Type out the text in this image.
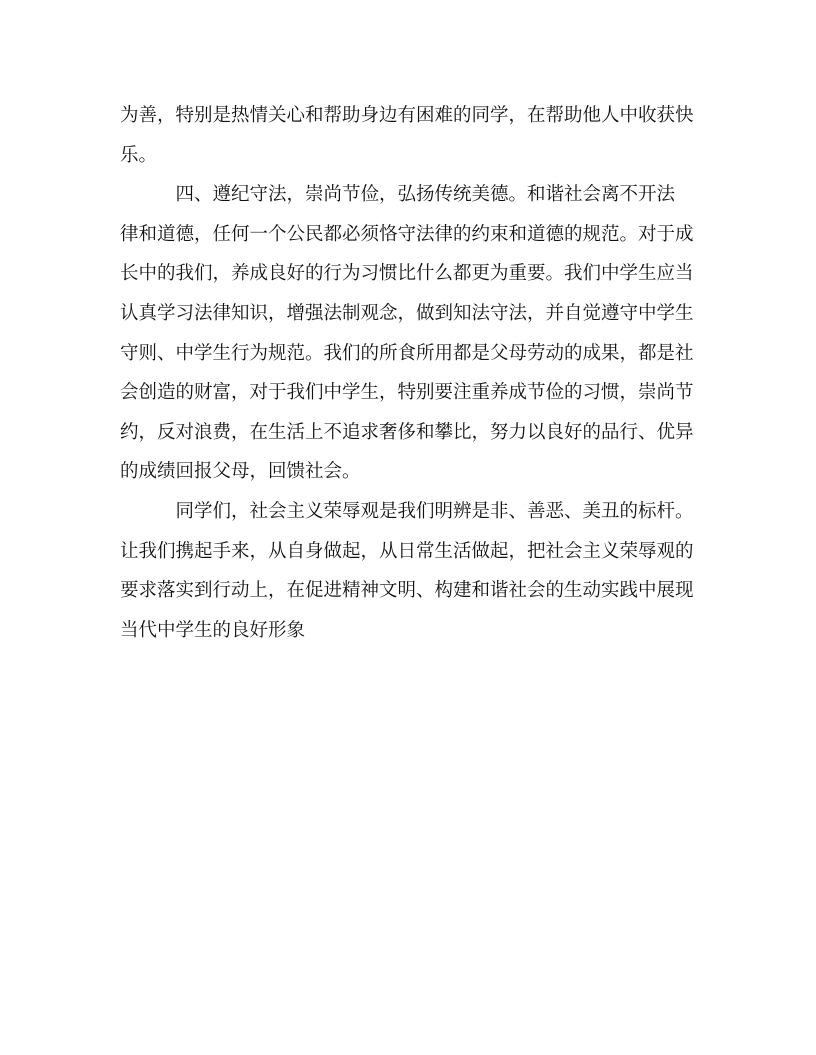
为善，特别是热情关心和帮助身边有困难的同学，在帮助他人中收获快
乐。
　　　四、遵纪守法，崇尚节俭，弘扬传统美德。和谐社会离不开法
律和道德，任何一个公民都必须恪守法律的约束和道德的规范。对于成
长中的我们，养成良好的行为习惯比什么都更为重要。我们中学生应当
认真学习法律知识，增强法制观念，做到知法守法，并自觉遵守中学生
守则、中学生行为规范。我们的所食所用都是父母劳动的成果，都是社
会创造的财富，对于我们中学生，特别要注重养成节俭的习惯，崇尚节
约，反对浪费，在生活上不追求奢侈和攀比，努力以良好的品行、优异
的成绩回报父母，回馈社会。
　　　同学们，社会主义荣辱观是我们明辨是非、善恶、美丑的标杆。
让我们携起手来，从自身做起，从日常生活做起，把社会主义荣辱观的
要求落实到行动上，在促进精神文明、构建和谐社会的生动实践中展现
当代中学生的良好形象
